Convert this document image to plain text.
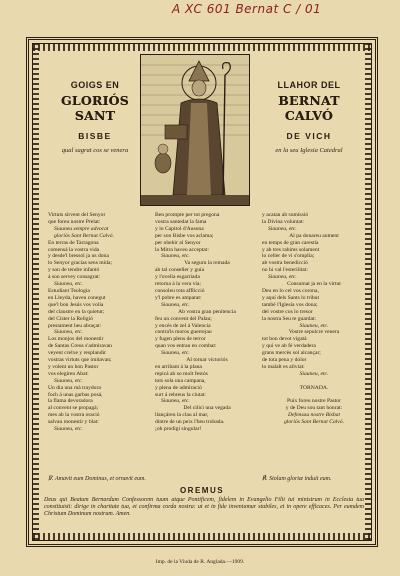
A XC 601 Bernat C / 01
GOIGS EN
GLORIÓS SANT
BISBE
qual sagrat cos se venera
LLAHOR DEL
BERNAT CALVÓ
DE VICH
en la seu Iglesia Catedral
Virtuts sirvent del Senyor
que foreu nostre Prelat:
Siauneu sempre advocat
gloriós Sant Bernat Calvó.
En terras de Tarragona
comensá la vostra vida
y desde'l bressol ja us dona
lo Senyor gracias sens mida;
y son de tendre infantó
á son servey consagrat:
Siauneu, etc.
Estudiant Teologia
en Lleyda, haveu conegut
que'l bon Jesús vos volia
del claustre en la quietut;
del Císter la Religió
prestament heu abraçat:
Siauneu, etc.
Los monjos del monestir
de Santas Creus s'admiravan
veyent crelxe y resplandir
vostras virtuts que imitavan;
y volent un bon Pastor
vos elegiren Abat:
Siauneu, etc.
Un dia una mà traydora
foch á unas garbas posá,
la flama devoradora
al convent se propagá;
mes ab la vostra oració
salvau monestir y blat:
Siauneu, etc.
Ben prompte per tot pregona
vostra santedat la fama
y lo Capitol d'Ausona
per son Bisbe vos aclama;
per obehir al Senyor
la Mitra haveu acceptat:
Siauneu, etc.
Va seguru la remada
ab tal conseller y guía
y l'ovella esgarriada
retorna á la vera vía;
consoleu tota afflicció
y'l pobre es amparat:
Siauneu, etc.
Ab vostra gran penitencia
feu un convent del Palau;
y encés de zel á Valencia
contra'ls moros guerrejau
y fugen plens de terror
quan vos entrau en combat:
Siauneu, etc.
Al tornar victoriós
en arribant á la plana
repicá ab so molt festós
tots sola una campana,
y plena de admiració
surt á rebreus la ciutat:
Siauneu, etc.
Del cilici una vegada
llançáreu la clau al mar,
dintre de un peix l'heu trobada.
¡oh prodigi singular!
y acatau ab sumissió
la Divina voluntat:
Siauneu, etc.
Al pa donareu aument
en temps de gran carestía
y ab tres rahims solament
lo celler de vi s'omplía;
ab vostra benedicció
no hi val l'esterilitat:
Siauneu, etc.
Consumat ja en la virtut
Deu en lo cel vos corona,
y aquí dels Sants lo tribut
també l'Iglesia vos dona;
del vostre cos lo tresor
la nostra Seu te guardat:
Siauneu, etc.
Vostre sepulcre venera
tot bon devot vigatá
y quí ve ab fé verdadera
grans mercès sol alcançar;
de tota pena y dolor
lo malalt es aliviat:
Siauneu, etc.

TORNADA.

Puix foreu nostre Pastor
y de Deu sou tant honrat:
Defensau nostre Bisbat
gloriós Sant Bernat Calvó.
℣. Amavit eum Dominus, et ornavit eum.	℟. Stolam gloriæ induit eum.
OREMUS
Deus qui Beatum Bernardum Confessorem tuum atque Pontificem, fidelem in Evangelio Filii tui ministrum in Ecclesia tua constituisti: dirige in charitate tua, et confirma corda nostra: ut et in fide inveniamur stabiles, et in opere efficaces. Per eumdem Christum Dominum nostrum. Amen.
Imp. de la Viuda de R. Anglada.—1909.
